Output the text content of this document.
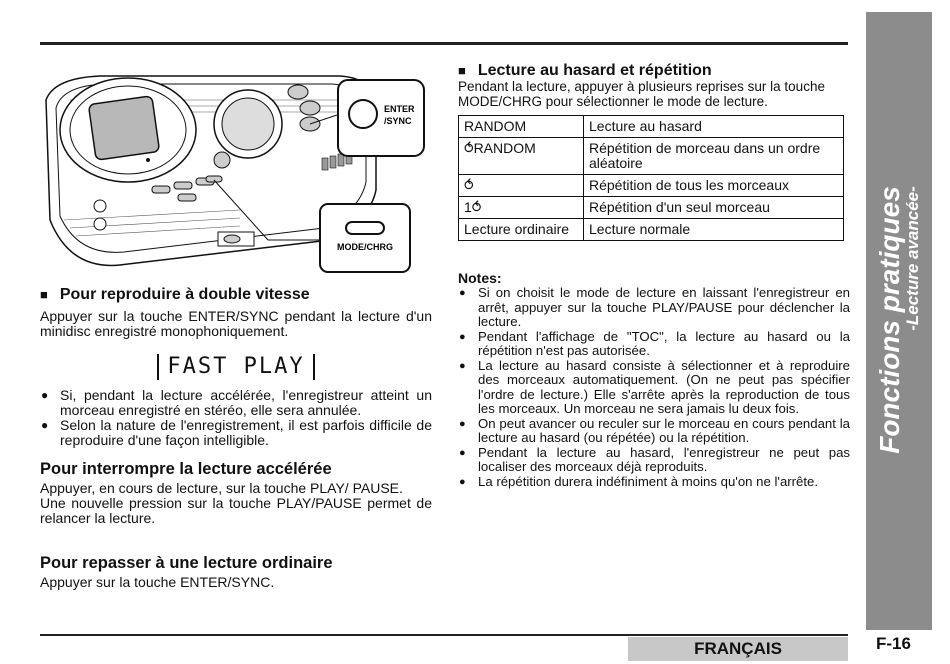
ENTER
/SYNC
MODE/CHRG

■ Pour reproduire à double vitesse

Appuyer sur la touche ENTER/SYNC pendant la lecture d'un minidisc enregistré monophoniquement.

FAST PLAY

● Si, pendant la lecture accélérée, l'enregistreur atteint un morceau enregistré en stéréo, elle sera annulée.

● Selon la nature de l'enregistrement, il est parfois difficile de reproduire d'une façon intelligible.

Pour interrompre la lecture accélérée

Appuyer, en cours de lecture, sur la touche PLAY/ PAUSE.

Une nouvelle pression sur la touche PLAY/PAUSE permet de relancer la lecture.

Pour repasser à une lecture ordinaire

Appuyer sur la touche ENTER/SYNC.

■ Lecture au hasard et répétition

Pendant la lecture, appuyer à plusieurs reprises sur la touche MODE/CHRG pour sélectionner le mode de lecture.

RANDOM	Lecture au hasard
⥀RANDOM	Répétition de morceau dans un ordre aléatoire
⥀	Répétition de tous les morceaux
1⥀	Répétition d'un seul morceau
Lecture ordinaire	Lecture normale

Notes:

● Si on choisit le mode de lecture en laissant l'enregistreur en arrêt, appuyer sur la touche PLAY/PAUSE pour déclencher la lecture.

● Pendant l'affichage de "TOC", la lecture au hasard ou la répétition n'est pas autorisée.

● La lecture au hasard consiste à sélectionner et à reproduire des morceaux automatiquement. (On ne peut pas spécifier l'ordre de lecture.) Elle s'arrête après la reproduction de tous les morceaux. Un morceau ne sera jamais lu deux fois.

● On peut avancer ou reculer sur le morceau en cours pendant la lecture au hasard (ou répétée) ou la répétition.

● Pendant la lecture au hasard, l'enregistreur ne peut pas localiser des morceaux déjà reproduits.

● La répétition durera indéfiniment à moins qu'on ne l'arrête.

Fonctions pratiques
-Lecture avancée-
FRANÇAIS	F-16
